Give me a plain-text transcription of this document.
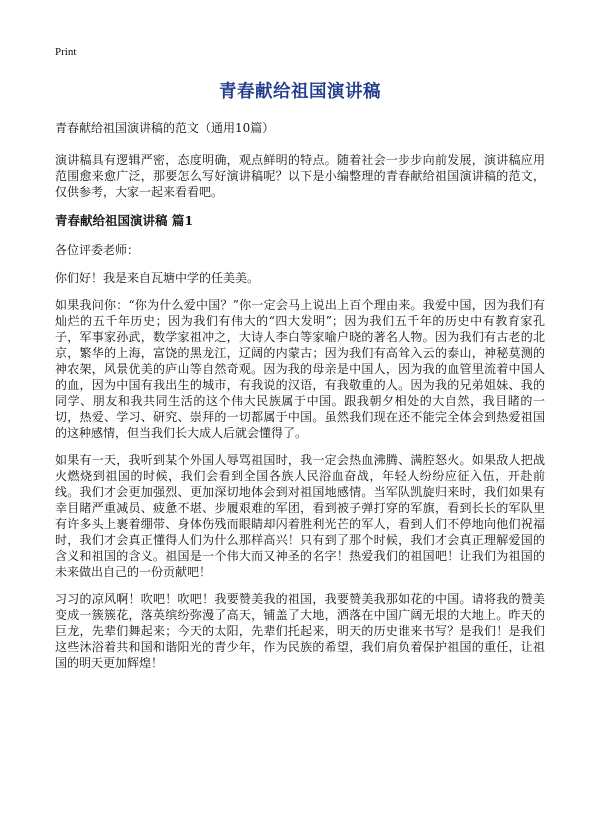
Print
青春献给祖国演讲稿
青春献给祖国演讲稿的范文（通用10篇）

演讲稿具有逻辑严密，态度明确，观点鲜明的特点。随着社会一步步向前发展，演讲稿应用范围愈来愈广泛，那要怎么写好演讲稿呢？以下是小编整理的青春献给祖国演讲稿的范文，仅供参考，大家一起来看看吧。

青春献给祖国演讲稿 篇1

各位评委老师：

你们好！我是来自瓦塘中学的任美美。

如果我问你：“你为什么爱中国？”你一定会马上说出上百个理由来。我爱中国，因为我们有灿烂的五千年历史；因为我们有伟大的“四大发明”；因为我们五千年的历史中有教育家孔子，军事家孙武，数学家祖冲之，大诗人李白等家喻户晓的著名人物。因为我们有古老的北京，繁华的上海，富饶的黑龙江，辽阔的内蒙古；因为我们有高耸入云的泰山，神秘莫测的神农架，风景优美的庐山等自然奇观。因为我的母亲是中国人，因为我的血管里流着中国人的血，因为中国有我出生的城市，有我说的汉语，有我敬重的人。因为我的兄弟姐妹、我的 同学、朋友和我共同生活的这个伟大民族属于中国。跟我朝夕相处的大自然，我目睹的一切，热爱、学习、研究、崇拜的一切都属于中国。虽然我们现在还不能完全体会到热爱祖国的这种感情，但当我们长大成人后就会懂得了。

如果有一天，我听到某个外国人辱骂祖国时，我一定会热血沸腾、满腔怒火。如果敌人把战火燃烧到祖国的时候，我们会看到全国各族人民浴血奋战，年轻人纷纷应征入伍，开赴前线。我们才会更加强烈、更加深切地体会到对祖国地感情。当军队凯旋归来时，我们如果有幸目睹严重减员、疲惫不堪、步履艰难的军团，看到被子弹打穿的军旗，看到长长的军队里有许多头上裹着绷带、身体伤残而眼睛却闪着胜利光芒的军人，看到人们不停地向他们祝福时，我们才会真正懂得人们为什么那样高兴！只有到了那个时候，我们才会真正理解爱国的含义和祖国的含义。祖国是一个伟大而又神圣的名字！热爱我们的祖国吧！让我们为祖国的未来做出自己的一份贡献吧！

习习的凉风啊！吹吧！吹吧！我要赞美我的祖国，我要赞美我那如花的中国。请将我的赞美变成一簇簇花，落英缤纷弥漫了高天，铺盖了大地，洒落在中国广阔无垠的大地上。昨天的巨龙，先辈们舞起来；今天的太阳，先辈们托起来，明天的历史谁来书写？是我们！是我们这些沐浴着共和国和谐阳光的青少年，作为民族的希望，我们肩负着保护祖国的重任，让祖国的明天更加辉煌！
